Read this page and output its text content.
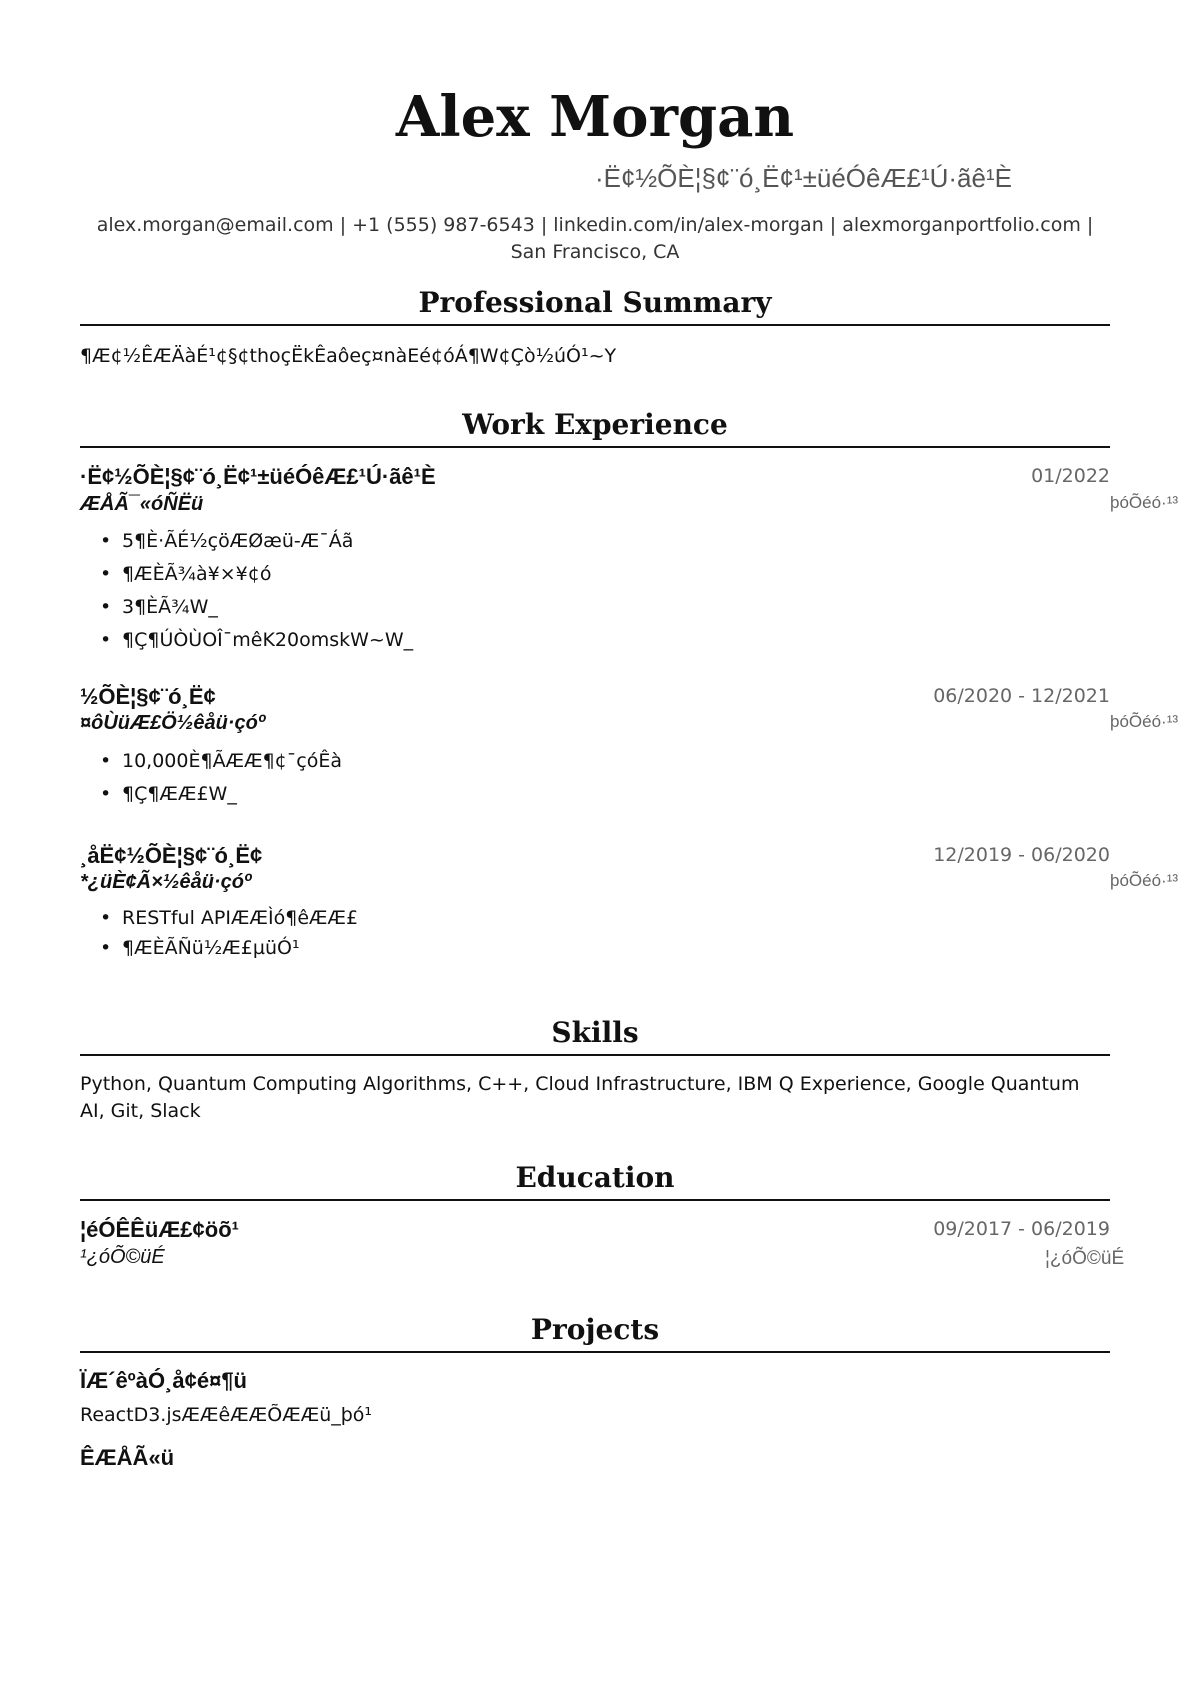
Alex Morgan
·Ë¢½ÕÈ¦§¢¨ó¸Ë¢¹±üéÓêÆ£¹Ú·ãê¹È
alex.morgan@email.com | +1 (555) 987-6543 | linkedin.com/in/alex-morgan | alexmorganportfolio.com | San Francisco, CA
Professional Summary
¶Æ¢½ÊÆÄàÉ¹¢§¢thoçËkÊaôeç¤nàEé¢óÁ¶W¢Çò½úÓ¹~Y
Work Experience
·Ë¢½ÕÈ¦§¢¨ó¸Ë¢¹±üéÓêÆ£¹Ú·ãê¹È	01/2022
ÆÅÃ¯«óÑËü	þóÕéó·¹³
• 5¶È·ÃÉ½çöÆØæü-Æ¯Áã
• ¶ÆÈÃ¾à¥×¥¢ó
• 3¶ÈÃ¾W_
• ¶Ç¶ÚÒÙOÎ¯mêK20omskW~W_
½ÕÈ¦§¢¨ó¸Ë¢	06/2020 - 12/2021
¤ôÙüÆ£Ö½êåü·çóº	þóÕéó·¹³
• 10,000È¶ÃÆÆ¶¢¯çóÊà
• ¶Ç¶ÆÆ£W_
¸åË¢½ÕÈ¦§¢¨ó¸Ë¢	12/2019 - 06/2020
*¿üÈ¢Ã×½êåü·çóº	þóÕéó·¹³
• RESTful APIÆÆÌó¶êÆÆ£
• ¶ÆÈÃÑü½Æ£µüÓ¹
Skills
Python, Quantum Computing Algorithms, C++, Cloud Infrastructure, IBM Q Experience, Google Quantum AI, Git, Slack
Education
¦éÓÊÊüÆ£¢öõ¹	09/2017 - 06/2019
¹¿óÕ©üÉ	¦¿óÕ©üÉ
Projects
ÏÆ´êºàÓ¸å¢é¤¶ü
ReactD3.jsÆÆêÆÆÕÆÆü_þó¹
ÊÆÅÃ«ü
